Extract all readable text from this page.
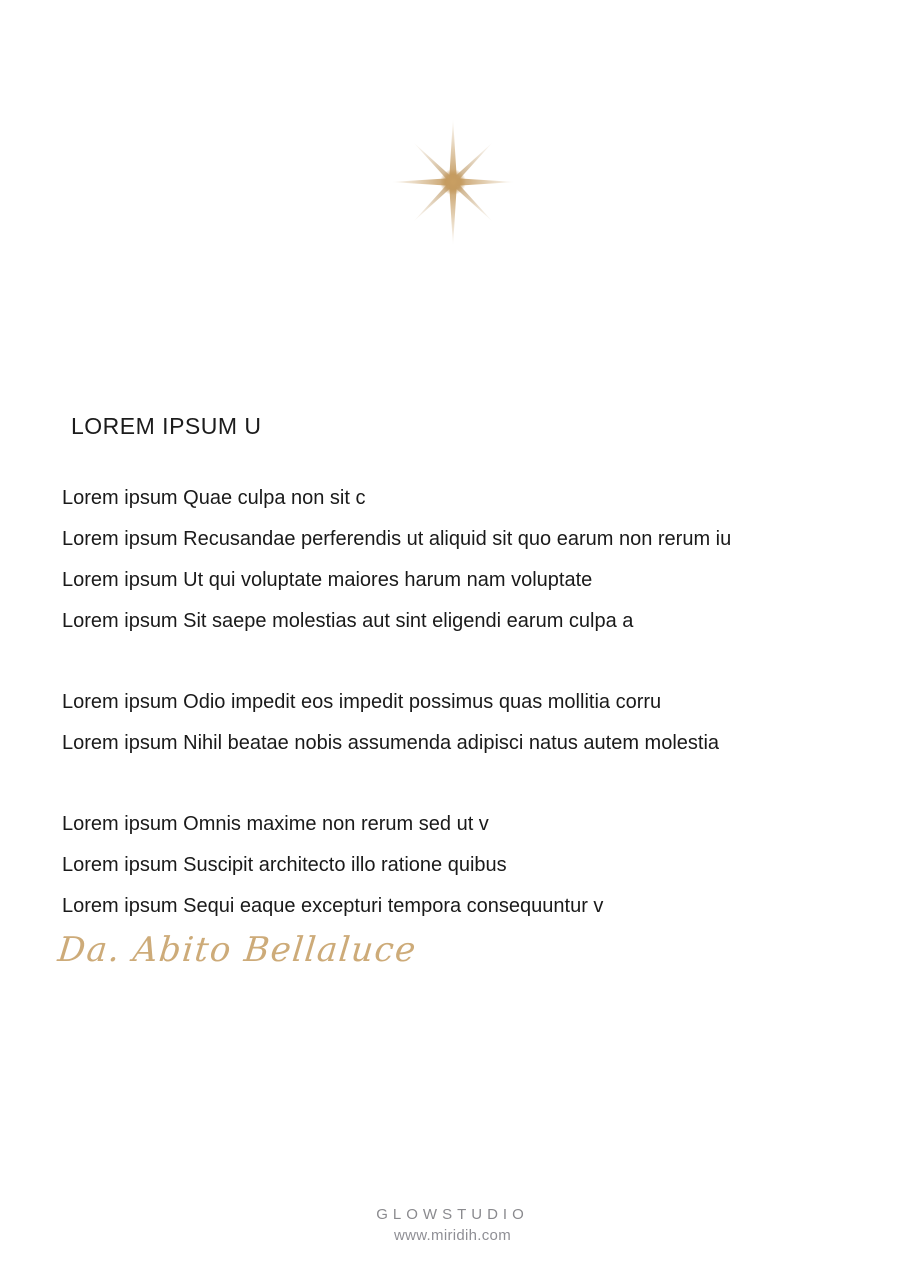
LOREM IPSUM U
Lorem ipsum Quae culpa non sit c
Lorem ipsum Recusandae perferendis ut aliquid sit quo earum non rerum iu
Lorem ipsum Ut qui voluptate maiores harum nam voluptate
Lorem ipsum Sit saepe molestias aut sint eligendi earum culpa a
Lorem ipsum Odio impedit eos impedit possimus quas mollitia corru
Lorem ipsum Nihil beatae nobis assumenda adipisci natus autem molestia
Lorem ipsum Omnis maxime non rerum sed ut v
Lorem ipsum Suscipit architecto illo ratione quibus
Lorem ipsum Sequi eaque excepturi tempora consequuntur v
Da. Abito Bellaluce
GLOWSTUDIO
www.miridih.com
